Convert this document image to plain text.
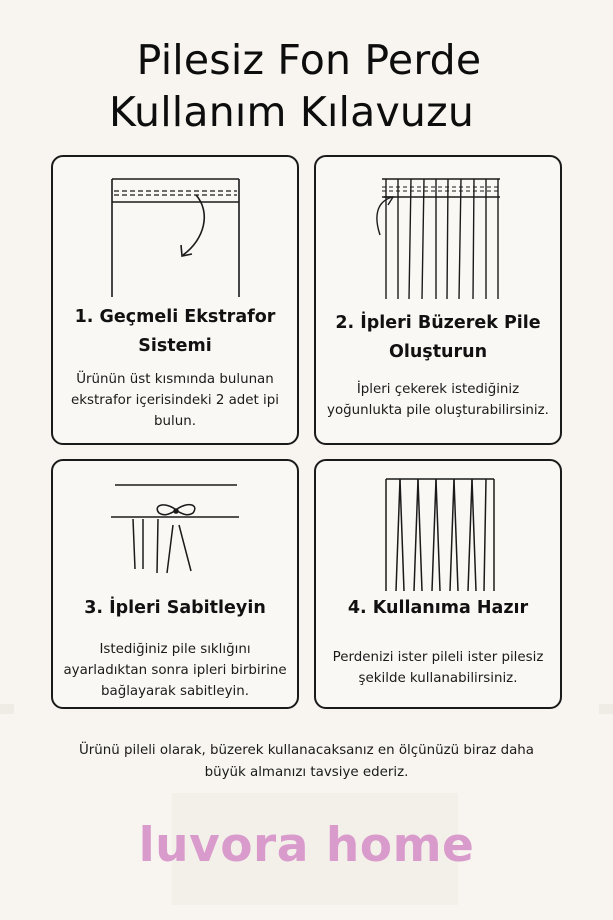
Pilesiz Fon Perde
Kullanım Kılavuzu
1. Geçmeli Ekstrafor
Sistemi
Ürünün üst kısmında bulunan ekstrafor içerisindeki 2 adet ipi bulun.
2. İpleri Büzerek Pile
Oluşturun
İpleri çekerek istediğiniz yoğunlukta pile oluşturabilirsiniz.
3. İpleri Sabitleyin
Istediğiniz pile sıklığını ayarladıktan sonra ipleri birbirine bağlayarak sabitleyin.
4. Kullanıma Hazır
Perdenizi ister pileli ister pilesiz şekilde kullanabilirsiniz.
Ürünü pileli olarak, büzerek kullanacaksanız en ölçünüzü biraz daha büyük almanızı tavsiye ederiz.
luvora home
